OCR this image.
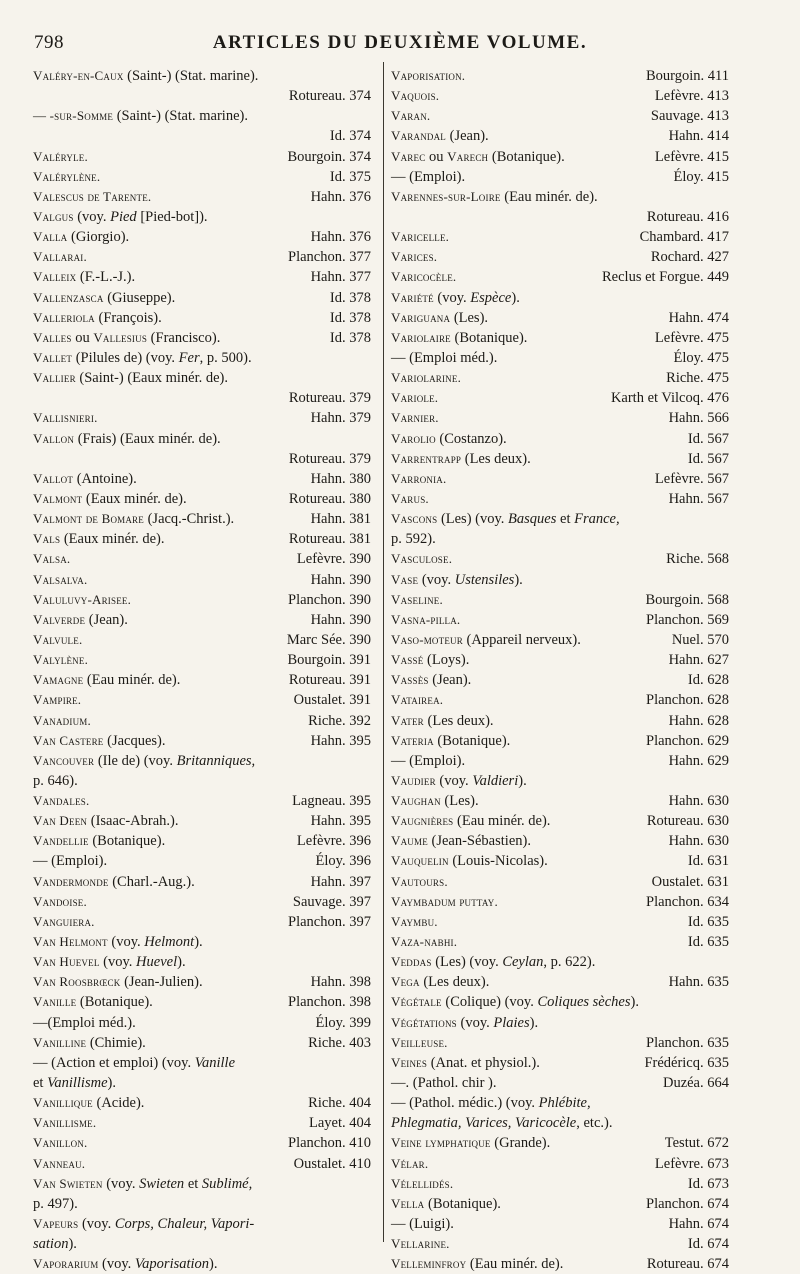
798	ARTICLES DU DEUXIÈME VOLUME.
Valéry-en-Caux (Saint-) (Stat. marine).
Rotureau. 374
— -sur-Somme (Saint-) (Stat. marine).
Id. 374
Valéryle.	Bourgoin. 374
Valérylène.	Id. 375
Valescus de Tarente.	Hahn. 376
Valgus (voy. Pied [Pied-bot]).
Valla (Giorgio).	Hahn. 376
Vallarai.	Planchon. 377
Valleix (F.-L.-J.).	Hahn. 377
Vallenzasca (Giuseppe).	Id. 378
Valleriola (François).	Id. 378
Valles ou Vallesius (Francisco).	Id. 378
Vallet (Pilules de) (voy. Fer, p. 500).
Vallier (Saint-) (Eaux minér. de).
Rotureau. 379
Vallisnieri.	Hahn. 379
Vallon (Frais) (Eaux minér. de).
Rotureau. 379
Vallot (Antoine).	Hahn. 380
Valmont (Eaux minér. de).	Rotureau. 380
Valmont de Bomare (Jacq.-Christ.).	Hahn. 381
Vals (Eaux minér. de).	Rotureau. 381
Valsa.	Lefèvre. 390
Valsalva.	Hahn. 390
Valuluvy-Arisee.	Planchon. 390
Valverde (Jean).	Hahn. 390
Valvule.	Marc Sée. 390
Valylène.	Bourgoin. 391
Vamagne (Eau minér. de).	Rotureau. 391
Vampire.	Oustalet. 391
Vanadium.	Riche. 392
Van Castere (Jacques).	Hahn. 395
Vancouver (Ile de) (voy. Britanniques,
p. 646).
Vandales.	Lagneau. 395
Van Deen (Isaac-Abrah.).	Hahn. 395
Vandellie (Botanique).	Lefèvre. 396
— (Emploi).	Éloy. 396
Vandermonde (Charl.-Aug.).	Hahn. 397
Vandoise.	Sauvage. 397
Vanguiera.	Planchon. 397
Van Helmont (voy. Helmont).
Van Huevel (voy. Huevel).
Van Roosbrœck (Jean-Julien).	Hahn. 398
Vanille (Botanique).	Planchon. 398
—(Emploi méd.).	Éloy. 399
Vanilline (Chimie).	Riche. 403
— (Action et emploi) (voy. Vanille
et Vanillisme).
Vanillique (Acide).	Riche. 404
Vanillisme.	Layet. 404
Vanillon.	Planchon. 410
Vanneau.	Oustalet. 410
Van Swieten (voy. Swieten et Sublimé,
p. 497).
Vapeurs (voy. Corps, Chaleur, Vapori-
sation).
Vaporarium (voy. Vaporisation).
Vaporisation.	Bourgoin. 411
Vaquois.	Lefèvre. 413
Varan.	Sauvage. 413
Varandal (Jean).	Hahn. 414
Varec ou Varech (Botanique).	Lefèvre. 415
— (Emploi).	Éloy. 415
Varennes-sur-Loire (Eau minér. de).
Rotureau. 416
Varicelle.	Chambard. 417
Varices.	Rochard. 427
Varicocèle.	Reclus et Forgue. 449
Variété (voy. Espèce).
Variguana (Les).	Hahn. 474
Variolaire (Botanique).	Lefèvre. 475
— (Emploi méd.).	Éloy. 475
Variolarine.	Riche. 475
Variole.	Karth et Vilcoq. 476
Varnier.	Hahn. 566
Varolio (Costanzo).	Id. 567
Varrentrapp (Les deux).	Id. 567
Varronia.	Lefèvre. 567
Varus.	Hahn. 567
Vascons (Les) (voy. Basques et France,
p. 592).
Vasculose.	Riche. 568
Vase (voy. Ustensiles).
Vaseline.	Bourgoin. 568
Vasna-pilla.	Planchon. 569
Vaso-moteur (Appareil nerveux).	Nuel. 570
Vassé (Loys).	Hahn. 627
Vassès (Jean).	Id. 628
Vatairea.	Planchon. 628
Vater (Les deux).	Hahn. 628
Vateria (Botanique).	Planchon. 629
— (Emploi).	Hahn. 629
Vaudier (voy. Valdieri).
Vaughan (Les).	Hahn. 630
Vaugnières (Eau minér. de).	Rotureau. 630
Vaume (Jean-Sébastien).	Hahn. 630
Vauquelin (Louis-Nicolas).	Id. 631
Vautours.	Oustalet. 631
Vaymbadum puttay.	Planchon. 634
Vaymbu.	Id. 635
Vaza-nabhi.	Id. 635
Veddas (Les) (voy. Ceylan, p. 622).
Vega (Les deux).	Hahn. 635
Végétale (Colique) (voy. Coliques sèches).
Végétations (voy. Plaies).
Veilleuse.	Planchon. 635
Veines (Anat. et physiol.).	Frédéricq. 635
—. (Pathol. chir ).	Duzéa. 664
— (Pathol. médic.) (voy. Phlébite,
Phlegmatia, Varices, Varicocèle, etc.).
Veine lymphatique (Grande).	Testut. 672
Vélar.	Lefèvre. 673
Vélellidés.	Id. 673
Vella (Botanique).	Planchon. 674
— (Luigi).	Hahn. 674
Vellarine.	Id. 674
Velleminfroy (Eau minér. de).	Rotureau. 674
